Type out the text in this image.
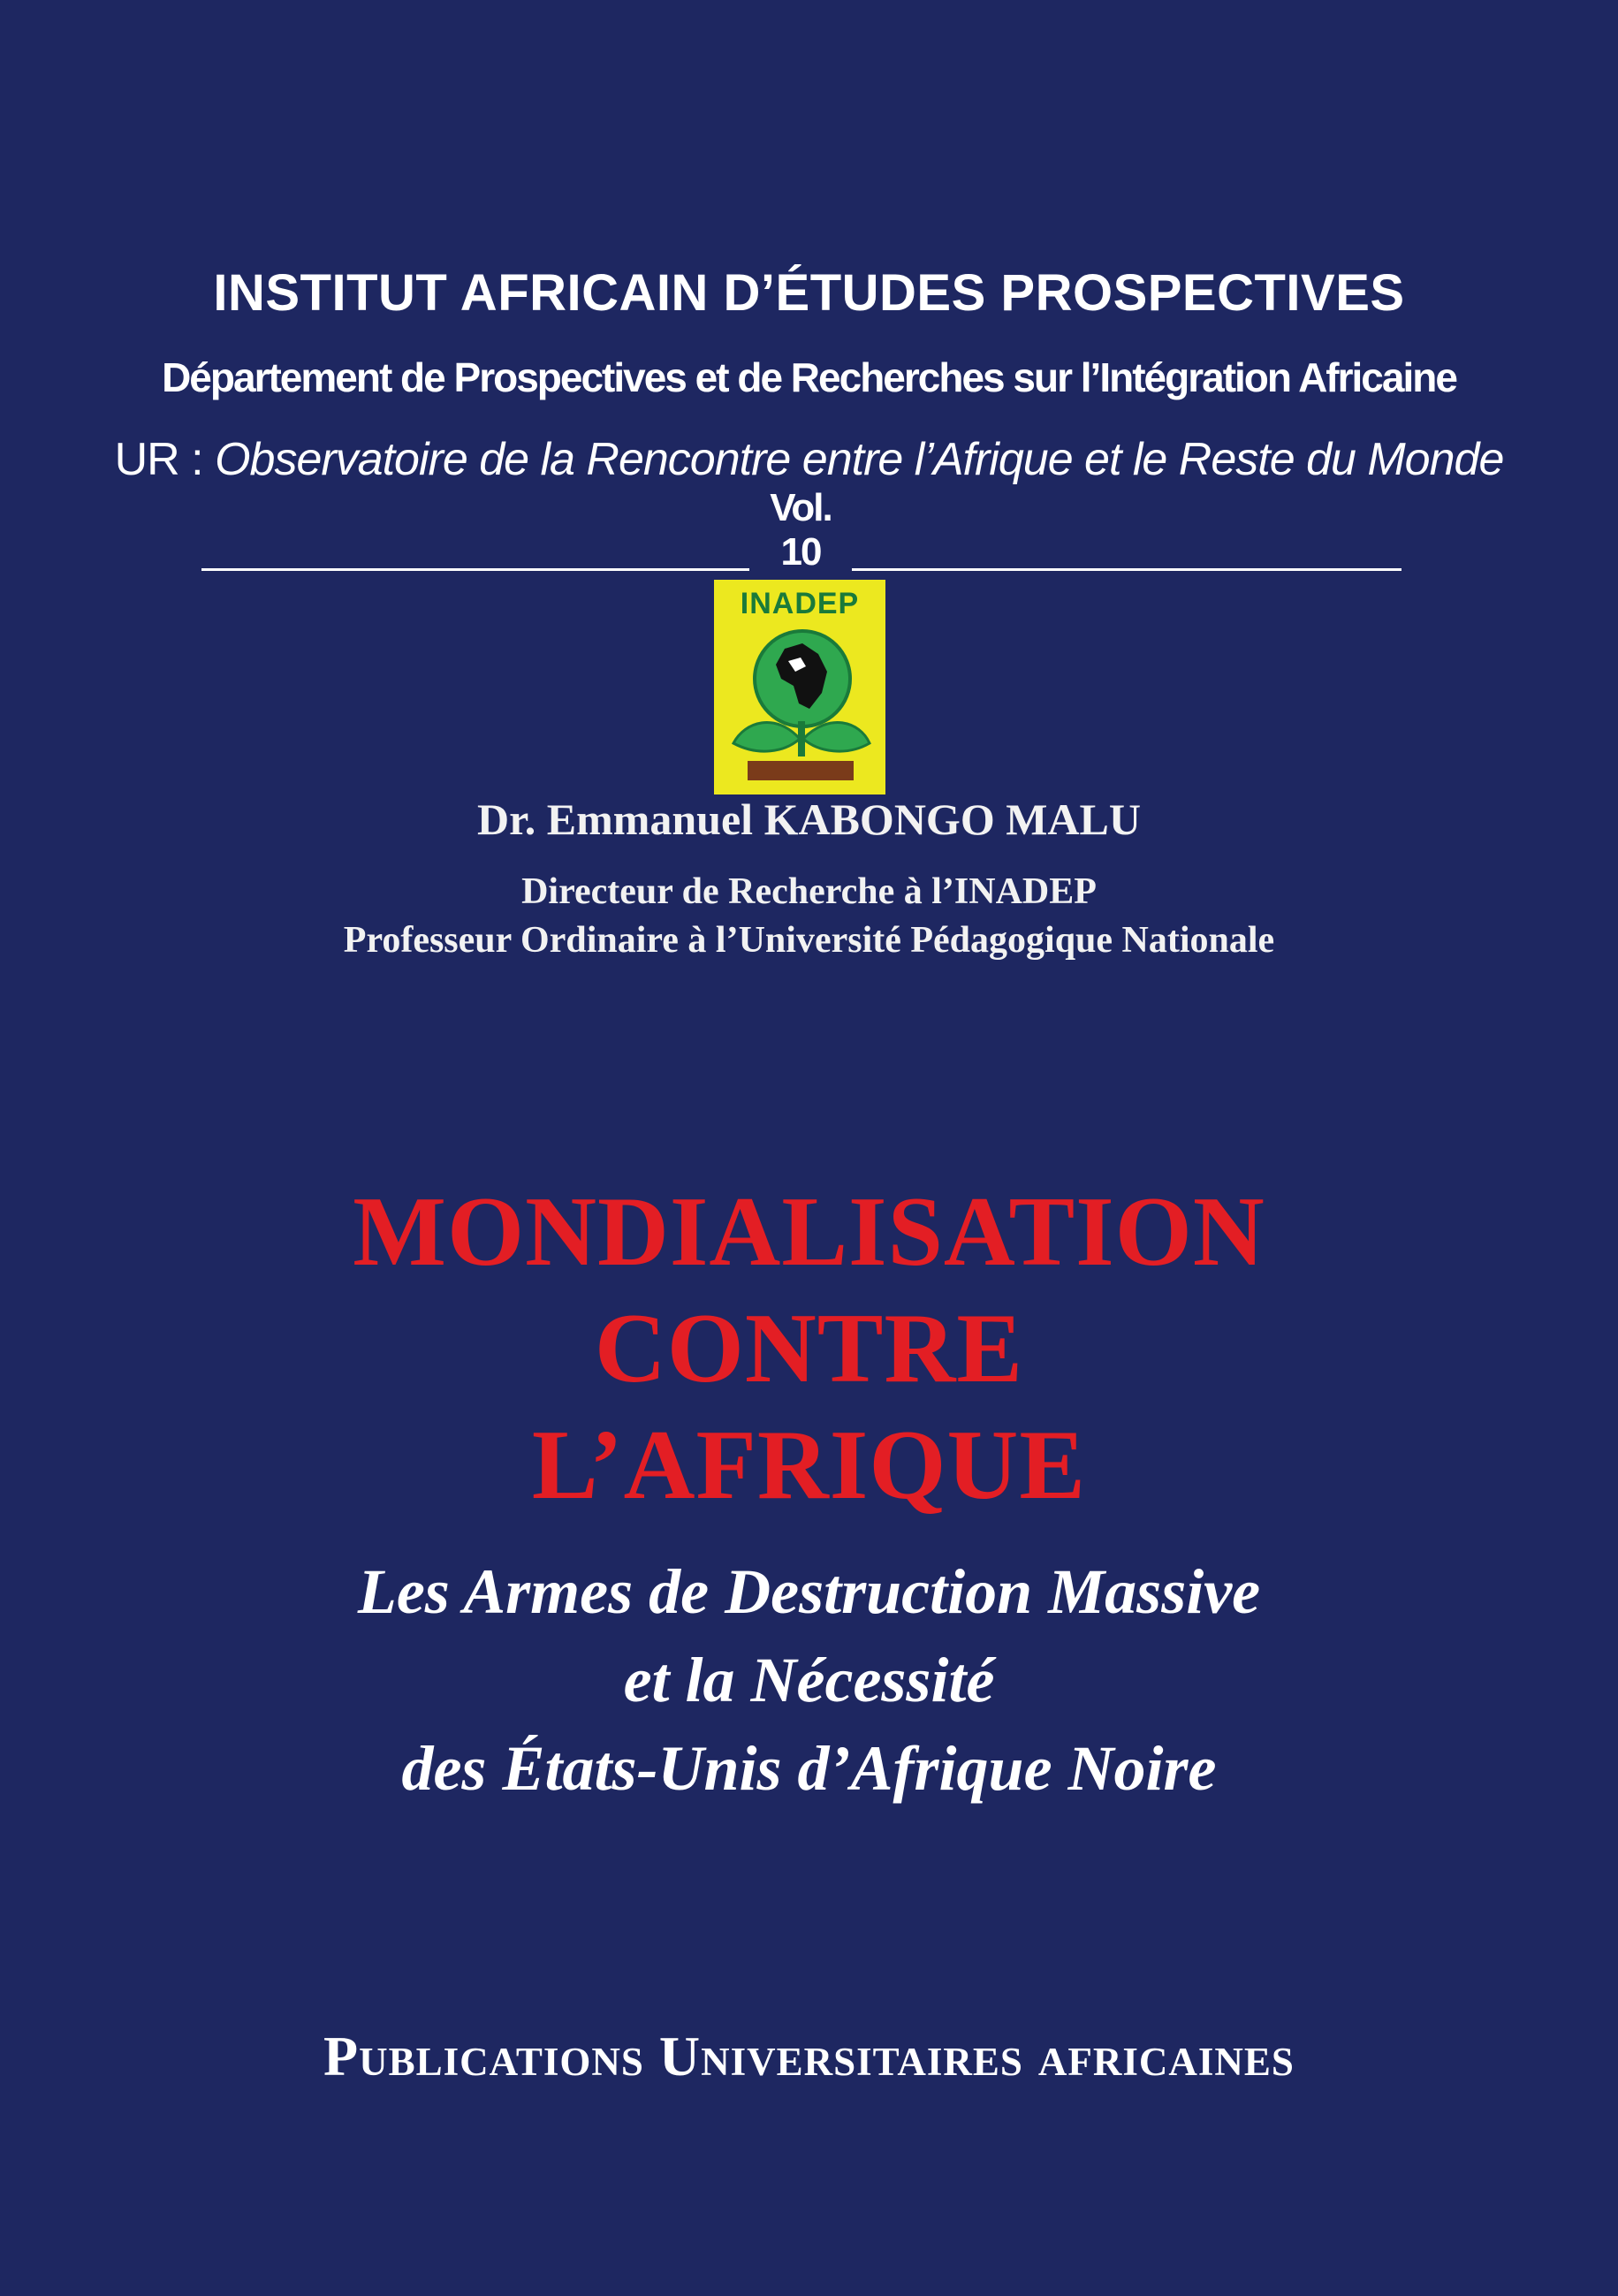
INSTITUT AFRICAIN D’ÉTUDES PROSPECTIVES
Département de Prospectives et de Recherches sur l’Intégration Africaine
UR : Observatoire de la Rencontre entre l’Afrique et le Reste du Monde
Vol. 10
INADEP
Dr. Emmanuel KABONGO MALU
Directeur de Recherche à l’INADEP
Professeur Ordinaire à l’Université Pédagogique Nationale
MONDIALISATION
CONTRE
L’AFRIQUE
Les Armes de Destruction Massive
et la Nécessité
des États-Unis d’Afrique Noire
Publications Universitaires africaines
